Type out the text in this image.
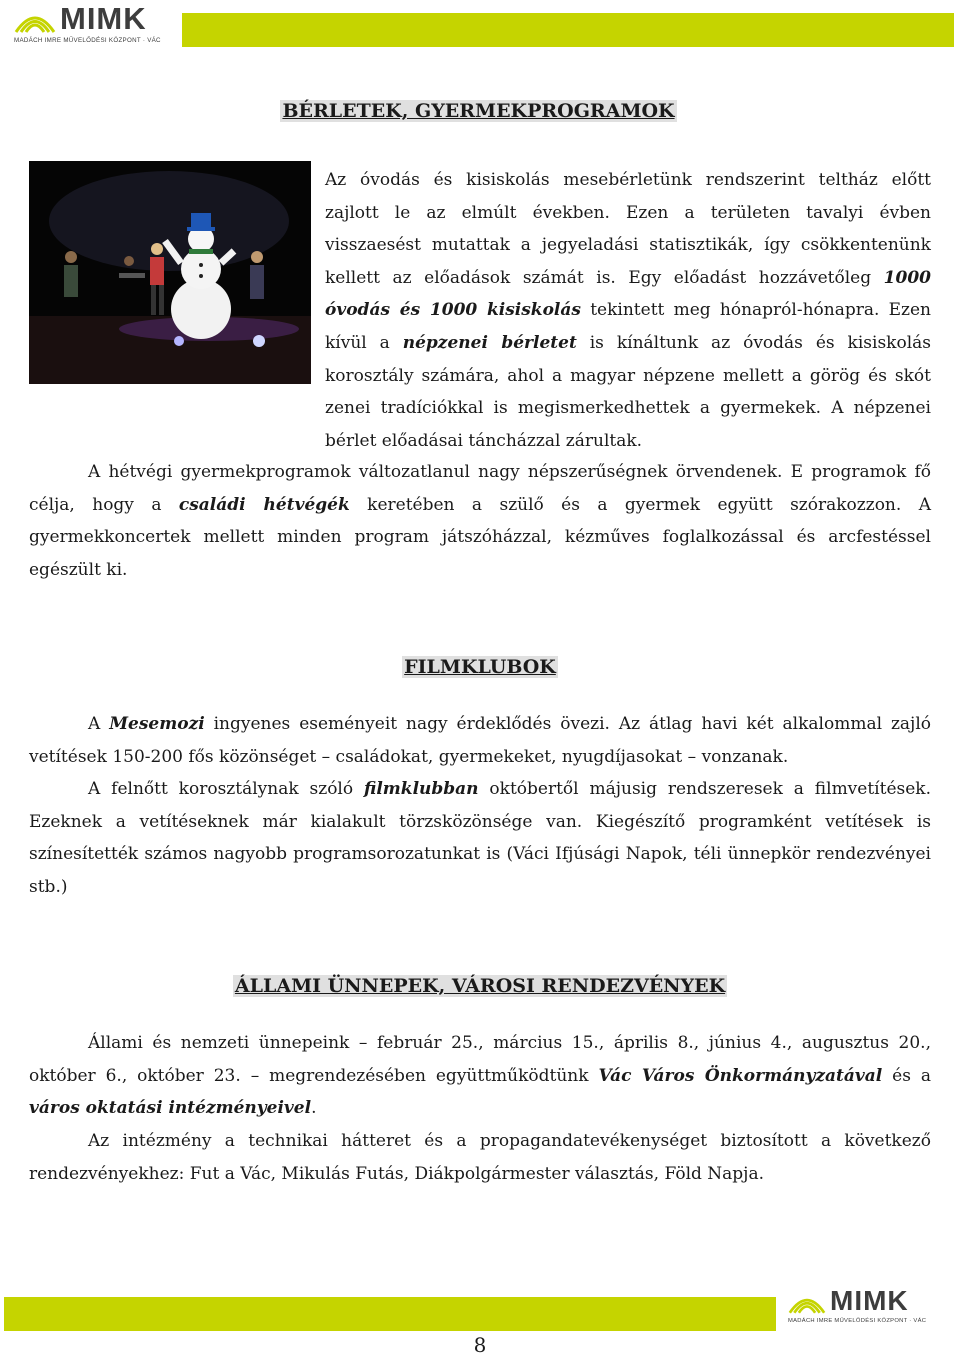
MIMK
MADÁCH IMRE MŰVELŐDÉSI KÖZPONT · VÁC
BÉRLETEK, GYERMEKPROGRAMOK
Az óvodás és kisiskolás mesebérletünk rendszerint teltház előtt zajlott le az elmúlt években. Ezen a területen tavalyi évben visszaesést mutattak a jegyeladási statisztikák, így csökkentenünk kellett az előadások számát is. Egy előadást hozzávetőleg 1000 óvodás és 1000 kisiskolás tekintett meg hónapról-hónapra. Ezen kívül a népzenei bérletet is kínáltunk az óvodás és kisiskolás korosztály számára, ahol a magyar népzene mellett a görög és skót zenei tradíciókkal is megismerkedhettek a gyermekek. A népzenei bérlet előadásai táncházzal zárultak.
A hétvégi gyermekprogramok változatlanul nagy népszerűségnek örvendenek. E programok fő célja, hogy a családi hétvégék keretében a szülő és a gyermek együtt szórakozzon. A gyermekkoncertek mellett minden program játszóházzal, kézműves foglalkozással és arcfestéssel egészült ki.
FILMKLUBOK
A Mesemozi ingyenes eseményeit nagy érdeklődés övezi. Az átlag havi két alkalommal zajló vetítések 150-200 fős közönséget – családokat, gyermekeket, nyugdíjasokat – vonzanak.
A felnőtt korosztálynak szóló filmklubban októbertől májusig rendszeresek a filmvetítések. Ezeknek a vetítéseknek már kialakult törzsközönsége van. Kiegészítő programként vetítések is színesítették számos nagyobb programsorozatunkat is (Váci Ifjúsági Napok, téli ünnepkör rendezvényei stb.)
ÁLLAMI ÜNNEPEK, VÁROSI RENDEZVÉNYEK
Állami és nemzeti ünnepeink – február 25., március 15., április 8., június 4., augusztus 20., október 6., október 23. – megrendezésében együttműködtünk Vác Város Önkormányzatával és a város oktatási intézményeivel.
Az intézmény a technikai hátteret és a propagandatevékenységet biztosított a következő rendezvényekhez: Fut a Vác, Mikulás Futás, Diákpolgármester választás, Föld Napja.
MIMK
MADÁCH IMRE MŰVELŐDÉSI KÖZPONT · VÁC
8
